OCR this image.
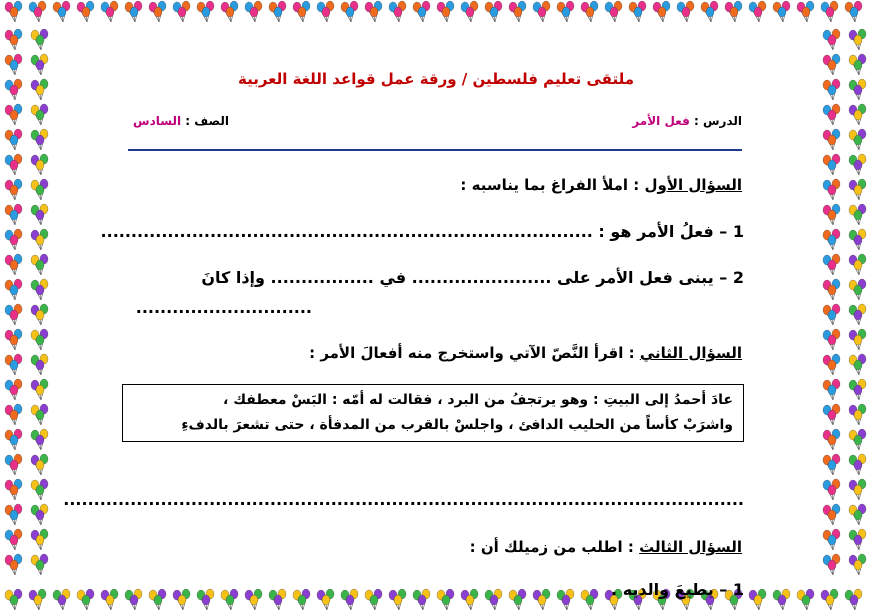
ملتقى تعليم فلسطين / ورقة عمل قواعد اللغة العربية
الدرس : فعل الأمر
الصف : السادس
السؤال الأول : املأ الفراغ بما يناسبه :
1 – فعلُ الأمر هو : .................................................................................
2 – يبنى فعل الأمر على ....................... في ................. وإذا كانَ
.............................
السؤال الثاني : اقرأ النَّصّ الآتي واستخرج منه أفعالَ الأمر :
عادَ أحمدُ إلى البيتِ : وهو يرتجفُ من البرد ، فقالت له أمّه : البَسْ معطفك ،
واشرَبْ كأساً من الحليب الدافئ ، واجلسْ بالقرب من المدفأة ، حتى تشعرَ بالدفءِ
................................................................................................................
السؤال الثالث : اطلب من زميلك أن :
1 – يطيعَ والديه .
